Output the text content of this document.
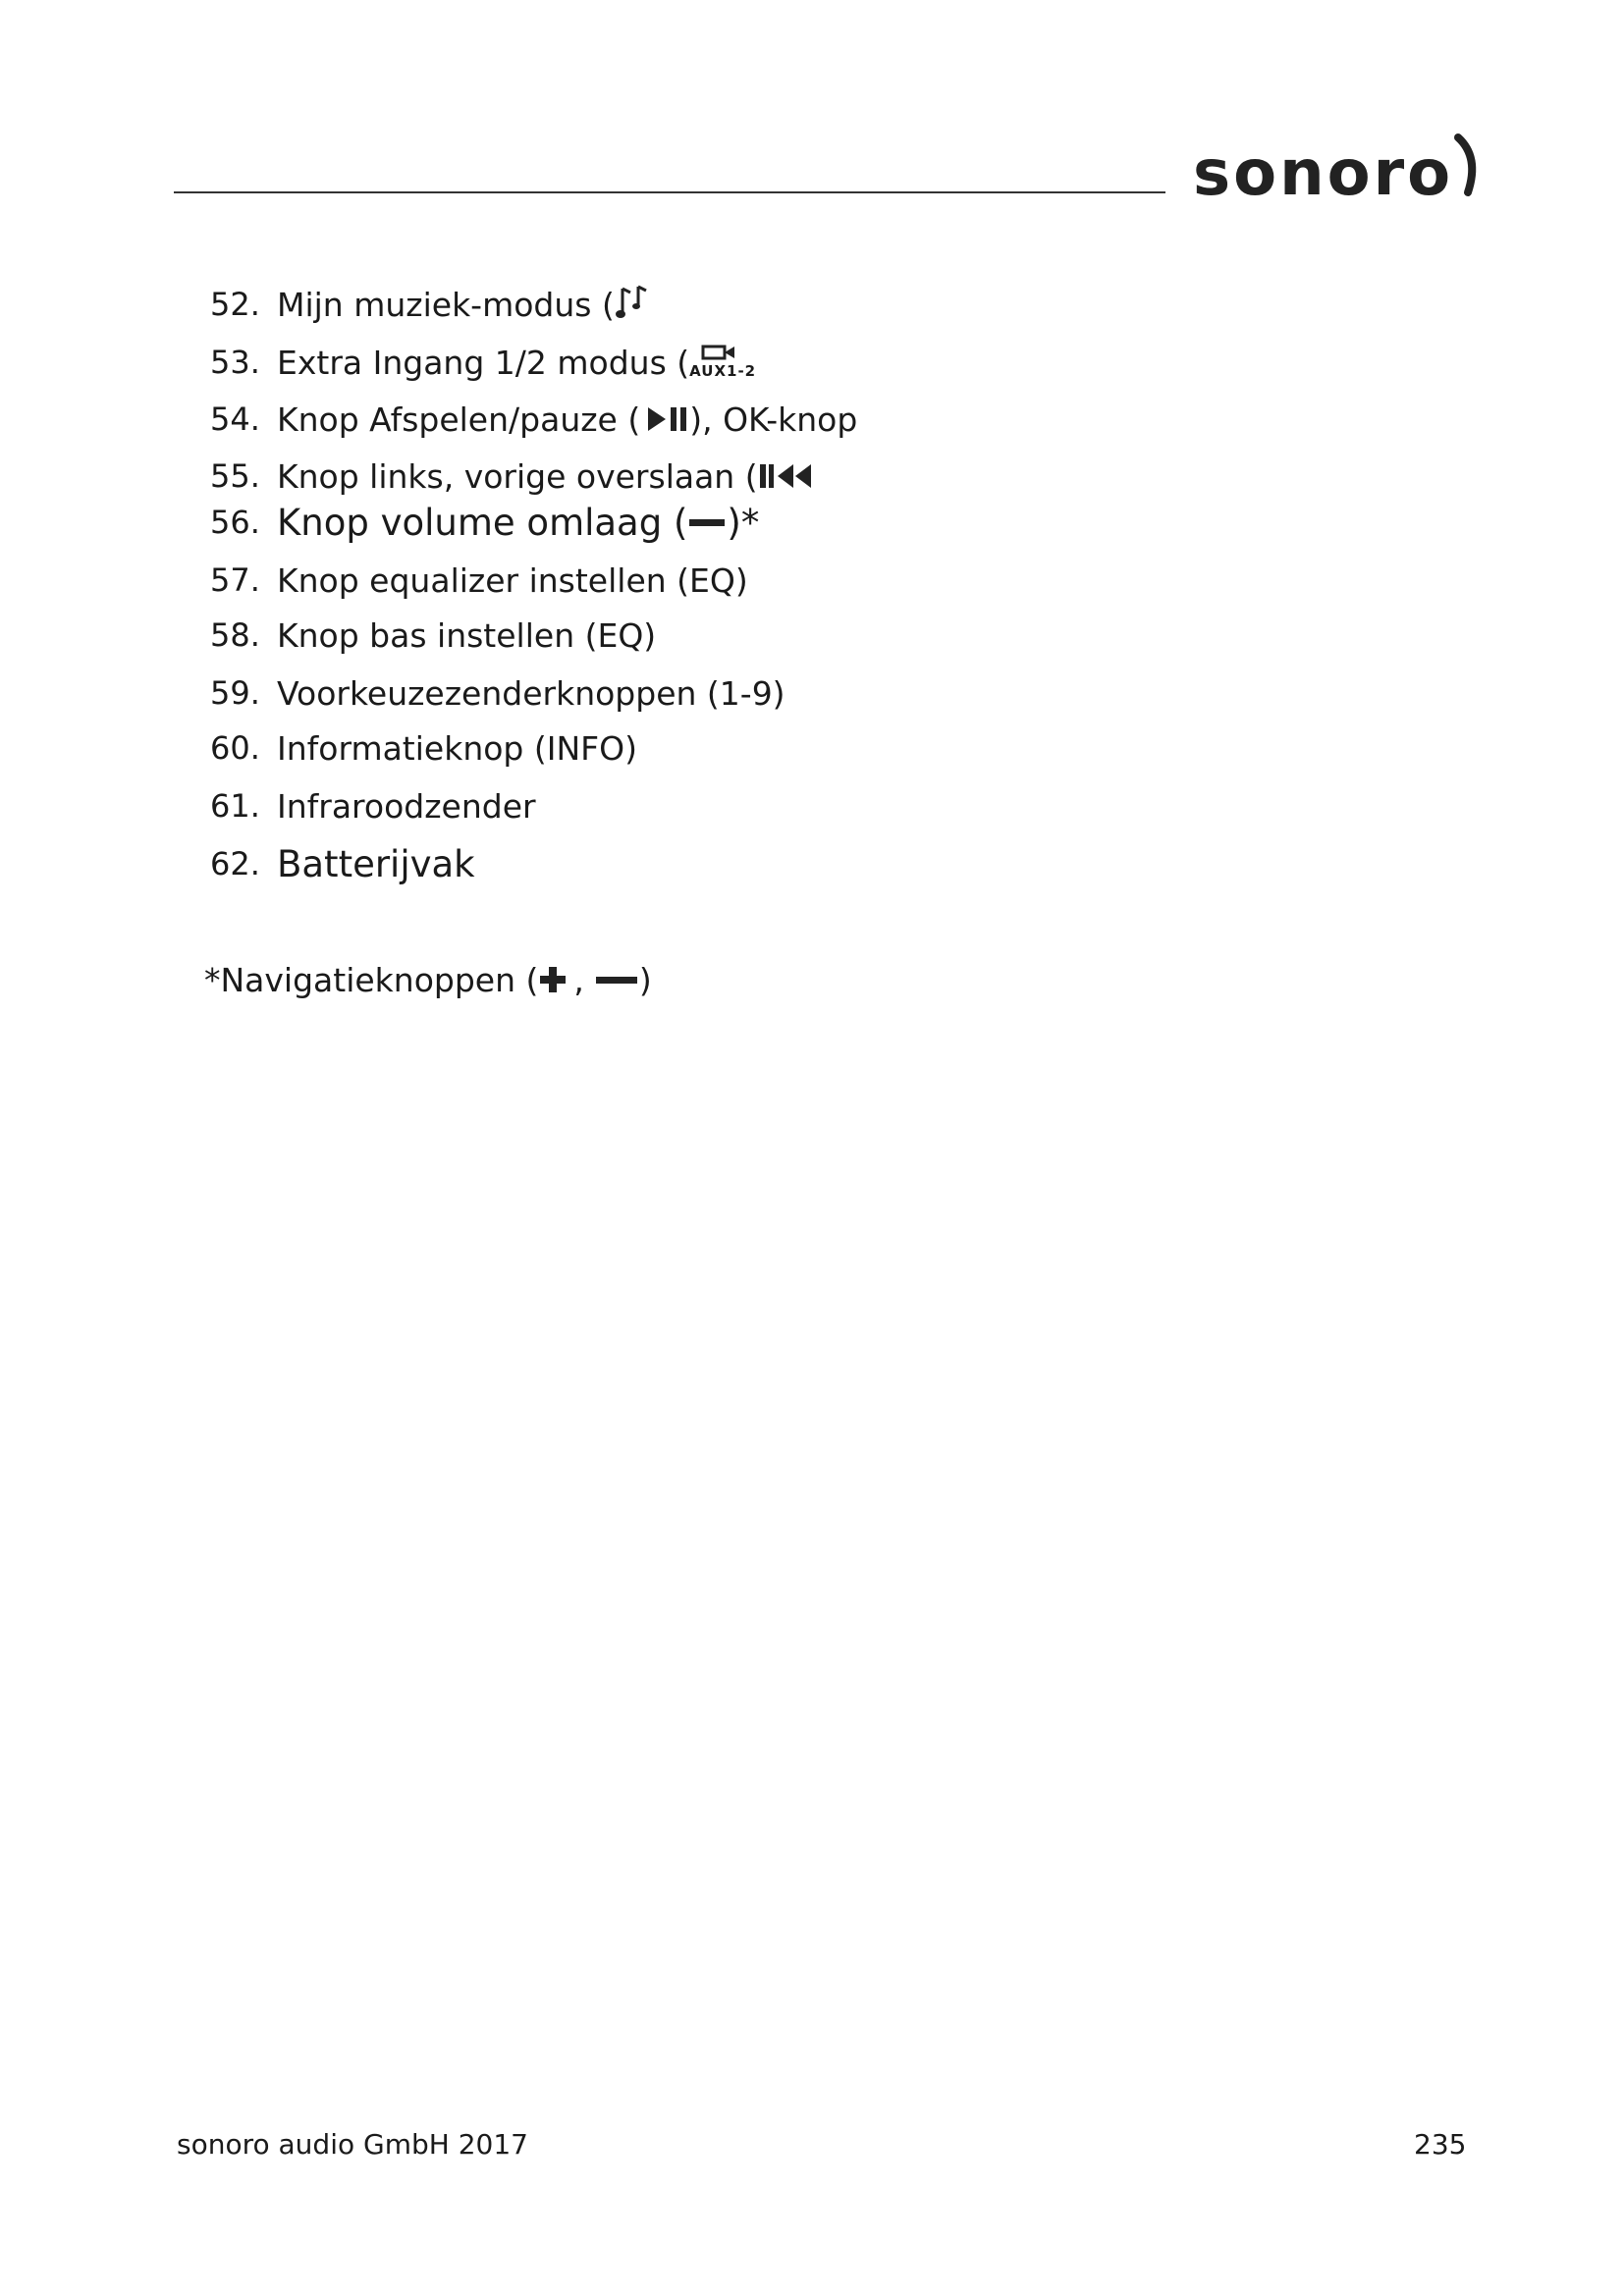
sonoro
52. Mijn muziek-modus (
53. Extra Ingang 1/2 modus ( AUX1-2
54. Knop Afspelen/pauze ( ), OK-knop
55. Knop links, vorige overslaan (
56. Knop volume omlaag ( )*
57. Knop equalizer instellen (EQ)
58. Knop bas instellen (EQ)
59. Voorkeuzezenderknoppen (1-9)
60. Informatieknop (INFO)
61. Infraroodzender
62. Batterijvak
*Navigatieknoppen ( , )
sonoro audio GmbH 2017	235
